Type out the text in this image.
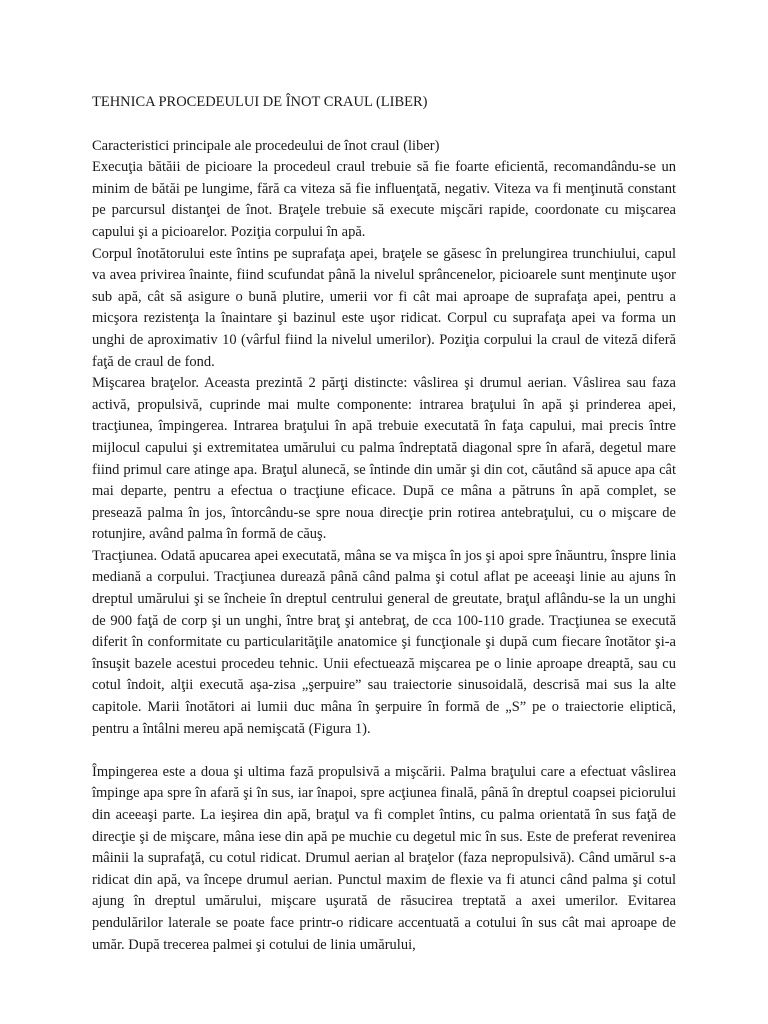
TEHNICA PROCEDEULUI DE ÎNOT CRAUL (LIBER)

Caracteristici principale ale procedeului de înot craul (liber)

Execuţia bătăii de picioare la procedeul craul trebuie să fie foarte eficientă, recomandându-se un minim de bătăi pe lungime, fără ca viteza să fie influenţată, negativ. Viteza va fi menţinută constant pe parcursul distanţei de înot. Braţele trebuie să execute mişcări rapide, coordonate cu mişcarea capului şi a picioarelor. Poziţia corpului în apă.

Corpul înotătorului este întins pe suprafaţa apei, braţele se găsesc în prelungirea trunchiului, capul va avea privirea înainte, fiind scufundat până la nivelul sprâncenelor, picioarele sunt menţinute uşor sub apă, cât să asigure o bună plutire, umerii vor fi cât mai aproape de suprafaţa apei, pentru a micşora rezistenţa la înaintare şi bazinul este uşor ridicat. Corpul cu suprafaţa apei va forma un unghi de aproximativ 10 (vârful fiind la nivelul umerilor). Poziţia corpului la craul de viteză diferă faţă de craul de fond.

Mişcarea braţelor. Aceasta prezintă 2 părţi distincte: vâslirea şi drumul aerian. Vâslirea sau faza activă, propulsivă, cuprinde mai multe componente: intrarea braţului în apă şi prinderea apei, tracţiunea, împingerea. Intrarea braţului în apă trebuie executată în faţa capului, mai precis între mijlocul capului şi extremitatea umărului cu palma îndreptată diagonal spre în afară, degetul mare fiind primul care atinge apa. Braţul alunecă, se întinde din umăr şi din cot, căutând să apuce apa cât mai departe, pentru a efectua o tracţiune eficace. După ce mâna a pătruns în apă complet, se presează palma în jos, întorcându-se spre noua direcţie prin rotirea antebraţului, cu o mişcare de rotunjire, având palma în formă de căuş.

Tracţiunea. Odată apucarea apei executată, mâna se va mişca în jos şi apoi spre înăuntru, înspre linia mediană a corpului. Tracţiunea durează până când palma şi cotul aflat pe aceeaşi linie au ajuns în dreptul umărului şi se încheie în dreptul centrului general de greutate, braţul aflându-se la un unghi de 900 faţă de corp şi un unghi, între braţ şi antebraţ, de cca 100-110 grade. Tracţiunea se execută diferit în conformitate cu particularităţile anatomice şi funcţionale şi după cum fiecare înotător şi-a însuşit bazele acestui procedeu tehnic. Unii efectuează mişcarea pe o linie aproape dreaptă, sau cu cotul îndoit, alţii execută aşa-zisa „şerpuire” sau traiectorie sinusoidală, descrisă mai sus la alte capitole. Marii înotători ai lumii duc mâna în şerpuire în formă de „S” pe o traiectorie eliptică, pentru a întâlni mereu apă nemişcată (Figura 1).

Împingerea este a doua şi ultima fază propulsivă a mişcării. Palma braţului care a efectuat vâslirea împinge apa spre în afară şi în sus, iar înapoi, spre acţiunea finală, până în dreptul coapsei piciorului din aceeaşi parte. La ieşirea din apă, braţul va fi complet întins, cu palma orientată în sus faţă de direcţie şi de mişcare, mâna iese din apă pe muchie cu degetul mic în sus. Este de preferat revenirea mâinii la suprafaţă, cu cotul ridicat. Drumul aerian al braţelor (faza nepropulsivă). Când umărul s-a ridicat din apă, va începe drumul aerian. Punctul maxim de flexie va fi atunci când palma şi cotul ajung în dreptul umărului, mişcare uşurată de răsucirea treptată a axei umerilor. Evitarea pendulărilor laterale se poate face printr-o ridicare accentuată a cotului în sus cât mai aproape de umăr. După trecerea palmei şi cotului de linia umărului,
